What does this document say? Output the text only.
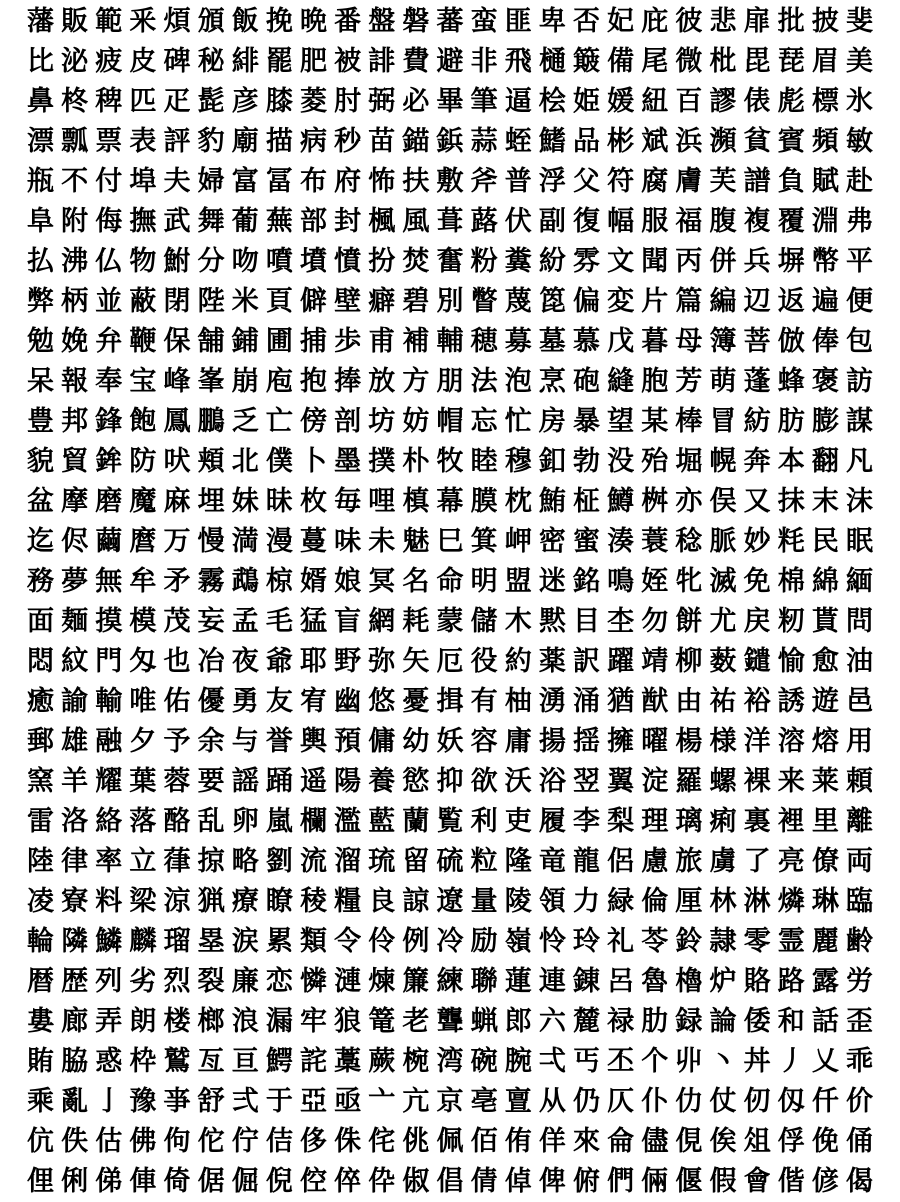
藩 販 範 釆 煩 頒 飯 挽 晩 番 盤 磐 蕃 蛮 匪 卑 否 妃 庇 彼 悲 扉 批 披 斐
比 泌 疲 皮 碑 秘 緋 罷 肥 被 誹 費 避 非 飛 樋 簸 備 尾 微 枇 毘 琵 眉 美
鼻 柊 稗 匹 疋 髭 彦 膝 菱 肘 弼 必 畢 筆 逼 桧 姫 媛 紐 百 謬 俵 彪 標 氷
漂 瓢 票 表 評 豹 廟 描 病 秒 苗 錨 鋲 蒜 蛭 鰭 品 彬 斌 浜 瀕 貧 賓 頻 敏
瓶 不 付 埠 夫 婦 富 冨 布 府 怖 扶 敷 斧 普 浮 父 符 腐 膚 芙 譜 負 賦 赴
阜 附 侮 撫 武 舞 葡 蕪 部 封 楓 風 葺 蕗 伏 副 復 幅 服 福 腹 複 覆 淵 弗
払 沸 仏 物 鮒 分 吻 噴 墳 憤 扮 焚 奮 粉 糞 紛 雰 文 聞 丙 併 兵 塀 幣 平
弊 柄 並 蔽 閉 陛 米 頁 僻 壁 癖 碧 別 瞥 蔑 箆 偏 変 片 篇 編 辺 返 遍 便
勉 娩 弁 鞭 保 舗 鋪 圃 捕 歩 甫 補 輔 穂 募 墓 慕 戊 暮 母 簿 菩 倣 俸 包
呆 報 奉 宝 峰 峯 崩 庖 抱 捧 放 方 朋 法 泡 烹 砲 縫 胞 芳 萌 蓬 蜂 褒 訪
豊 邦 鋒 飽 鳳 鵬 乏 亡 傍 剖 坊 妨 帽 忘 忙 房 暴 望 某 棒 冒 紡 肪 膨 謀
貌 貿 鉾 防 吠 頬 北 僕 卜 墨 撲 朴 牧 睦 穆 釦 勃 没 殆 堀 幌 奔 本 翻 凡
盆 摩 磨 魔 麻 埋 妹 昧 枚 毎 哩 槙 幕 膜 枕 鮪 柾 鱒 桝 亦 俣 又 抹 末 沫
迄 侭 繭 麿 万 慢 満 漫 蔓 味 未 魅 巳 箕 岬 密 蜜 湊 蓑 稔 脈 妙 粍 民 眠
務 夢 無 牟 矛 霧 鵡 椋 婿 娘 冥 名 命 明 盟 迷 銘 鳴 姪 牝 滅 免 棉 綿 緬
面 麺 摸 模 茂 妄 孟 毛 猛 盲 網 耗 蒙 儲 木 黙 目 杢 勿 餅 尤 戻 籾 貰 問
悶 紋 門 匁 也 冶 夜 爺 耶 野 弥 矢 厄 役 約 薬 訳 躍 靖 柳 薮 鑓 愉 愈 油
癒 諭 輸 唯 佑 優 勇 友 宥 幽 悠 憂 揖 有 柚 湧 涌 猶 猷 由 祐 裕 誘 遊 邑
郵 雄 融 夕 予 余 与 誉 輿 預 傭 幼 妖 容 庸 揚 揺 擁 曜 楊 様 洋 溶 熔 用
窯 羊 耀 葉 蓉 要 謡 踊 遥 陽 養 慾 抑 欲 沃 浴 翌 翼 淀 羅 螺 裸 来 莱 頼
雷 洛 絡 落 酪 乱 卵 嵐 欄 濫 藍 蘭 覧 利 吏 履 李 梨 理 璃 痢 裏 裡 里 離
陸 律 率 立 葎 掠 略 劉 流 溜 琉 留 硫 粒 隆 竜 龍 侶 慮 旅 虜 了 亮 僚 両
凌 寮 料 梁 涼 猟 療 瞭 稜 糧 良 諒 遼 量 陵 領 力 緑 倫 厘 林 淋 燐 琳 臨
輪 隣 鱗 麟 瑠 塁 涙 累 類 令 伶 例 冷 励 嶺 怜 玲 礼 苓 鈴 隷 零 霊 麗 齢
暦 歴 列 劣 烈 裂 廉 恋 憐 漣 煉 簾 練 聯 蓮 連 錬 呂 魯 櫓 炉 賂 路 露 労
婁 廊 弄 朗 楼 榔 浪 漏 牢 狼 篭 老 聾 蝋 郎 六 麓 禄 肋 録 論 倭 和 話 歪
賄 脇 惑 枠 鷲 亙 亘 鰐 詫 藁 蕨 椀 湾 碗 腕 弌 丐 丕 个 丱 丶 丼 丿 乂 乖
乘 亂 亅 豫 亊 舒 弍 于 亞 亟 亠 亢 京 亳 亶 从 仍 仄 仆 仂 仗 仞 仭 仟 价
伉 佚 估 佛 佝 佗 佇 佶 侈 侏 侘 佻 佩 佰 侑 佯 來 侖 儘 俔 俟 俎 俘 俛 俑
俚 俐 俤 俥 倚 倨 倔 倪 倥 倅 伜 俶 倡 倩 倬 俾 俯 們 倆 偃 假 會 偕 偐 偈
